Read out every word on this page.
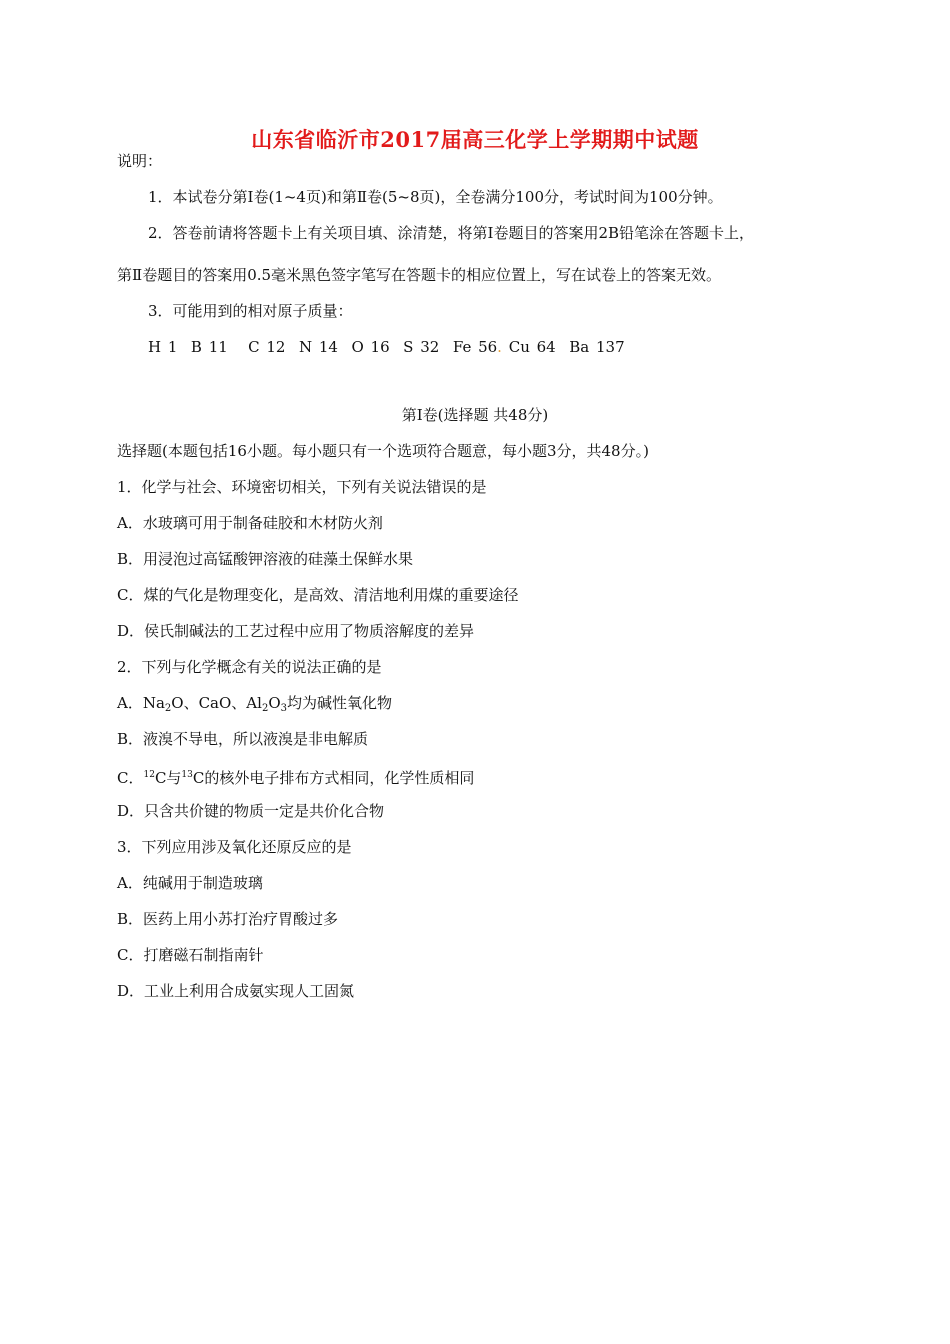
山东省临沂市2017届高三化学上学期期中试题
说明：
1．本试卷分第Ⅰ卷(1~4页)和第Ⅱ卷(5~8页)，全卷满分100分，考试时间为100分钟。
2．答卷前请将答题卡上有关项目填、涂清楚，将第Ⅰ卷题目的答案用2B铅笔涂在答题卡上，
第Ⅱ卷题目的答案用0.5毫米黑色签字笔写在答题卡的相应位置上，写在试卷上的答案无效。
3．可能用到的相对原子质量：
H 1  B 11   C 12  N 14  O 16  S 32  Fe 56. Cu 64  Ba 137
第Ⅰ卷(选择题 共48分)
选择题(本题包括16小题。每小题只有一个选项符合题意，每小题3分，共48分。)
1．化学与社会、环境密切相关，下列有关说法错误的是
A．水玻璃可用于制备硅胶和木材防火剂
B．用浸泡过高锰酸钾溶液的硅藻土保鲜水果
C．煤的气化是物理变化，是高效、清洁地利用煤的重要途径
D．侯氏制碱法的工艺过程中应用了物质溶解度的差异
2．下列与化学概念有关的说法正确的是
A．$Na_2O$、CaO、$Al_2O_3$均为碱性氧化物
B．液溴不导电，所以液溴是非电解质
C．$^{12}$C与$^{13}$C的核外电子排布方式相同，化学性质相同
D．只含共价键的物质一定是共价化合物
3．下列应用涉及氧化还原反应的是
A．纯碱用于制造玻璃
B．医药上用小苏打治疗胃酸过多
C．打磨磁石制指南针
D．工业上利用合成氨实现人工固氮
